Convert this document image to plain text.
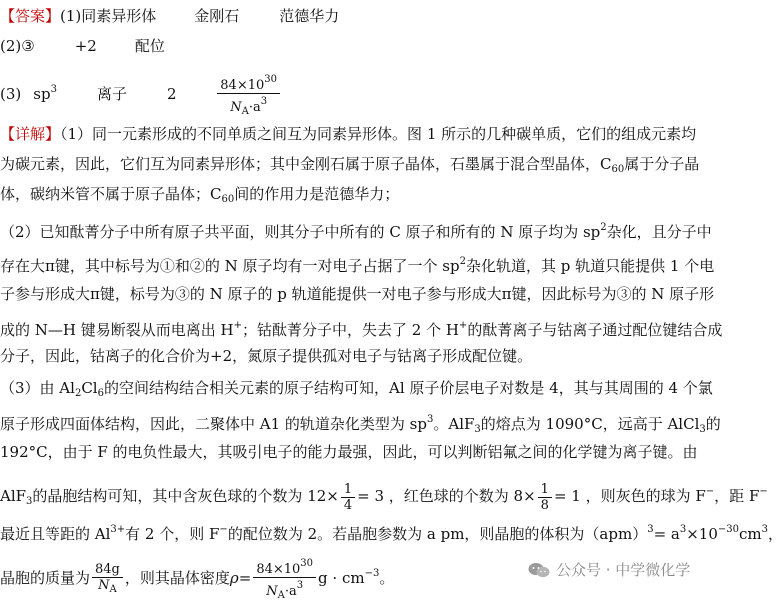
【答案】(1)同素异形体	金刚石	范德华力
(2)③	+2	配位
(3) $sp^3$	离子	2	$\frac{84\times 10^{30}}{N_A\cdot a^3}$
【详解】（1）同一元素形成的不同单质之间互为同素异形体。图 1 所示的几种碳单质，它们的组成元素均
为碳元素，因此，它们互为同素异形体；其中金刚石属于原子晶体，石墨属于混合型晶体，$C_{60}$属于分子晶
体，碳纳米管不属于原子晶体；$C_{60}$间的作用力是范德华力；
（2）已知酞菁分子中所有原子共平面，则其分子中所有的 C 原子和所有的 N 原子均为 $sp^2$杂化，且分子中
存在大π键，其中标号为①和②的 N 原子均有一对电子占据了一个 $sp^2$杂化轨道，其 p 轨道只能提供 1 个电
子参与形成大π键，标号为③的 N 原子的 p 轨道能提供一对电子参与形成大π键，因此标号为③的 N 原子形
成的 N—H 键易断裂从而电离出 H+；钴酞菁分子中，失去了 2 个 H+的酞菁离子与钴离子通过配位键结合成
分子，因此，钴离子的化合价为+2，氮原子提供孤对电子与钴离子形成配位键。
（3）由 $Al_2Cl_6$的空间结构结合相关元素的原子结构可知，Al 原子价层电子对数是 4，其与其周围的 4 个氯
原子形成四面体结构，因此，二聚体中 A1 的轨道杂化类型为 $sp^3$。AlF$_3$的熔点为 1090°C，远高于 AlCl$_3$的
192°C，由于 F 的电负性最大，其吸引电子的能力最强，因此，可以判断铝氟之间的化学键为离子键。由
AlF$_3$的晶胞结构可知，其中含灰色球的个数为 $12\times \frac{1}{4} = 3$ ，红色球的个数为 $8\times \frac{1}{8} = 1$ ，则灰色的球为 F−，距 F−
最近且等距的 $Al^{3+}$有 2 个，则 F−的配位数为 2。若晶胞参数为 a pm，则晶胞的体积为$(apm)^3= a^3\times 10^{-30}cm^3$，
晶胞的质量为 $\frac{84g}{N_A}$ ，则其晶体密度$\rho= \frac{84\times 10^{30}}{N_A\cdot a^3}$ $g \cdot cm^{-3}$。	公众号 · 中学微化学
